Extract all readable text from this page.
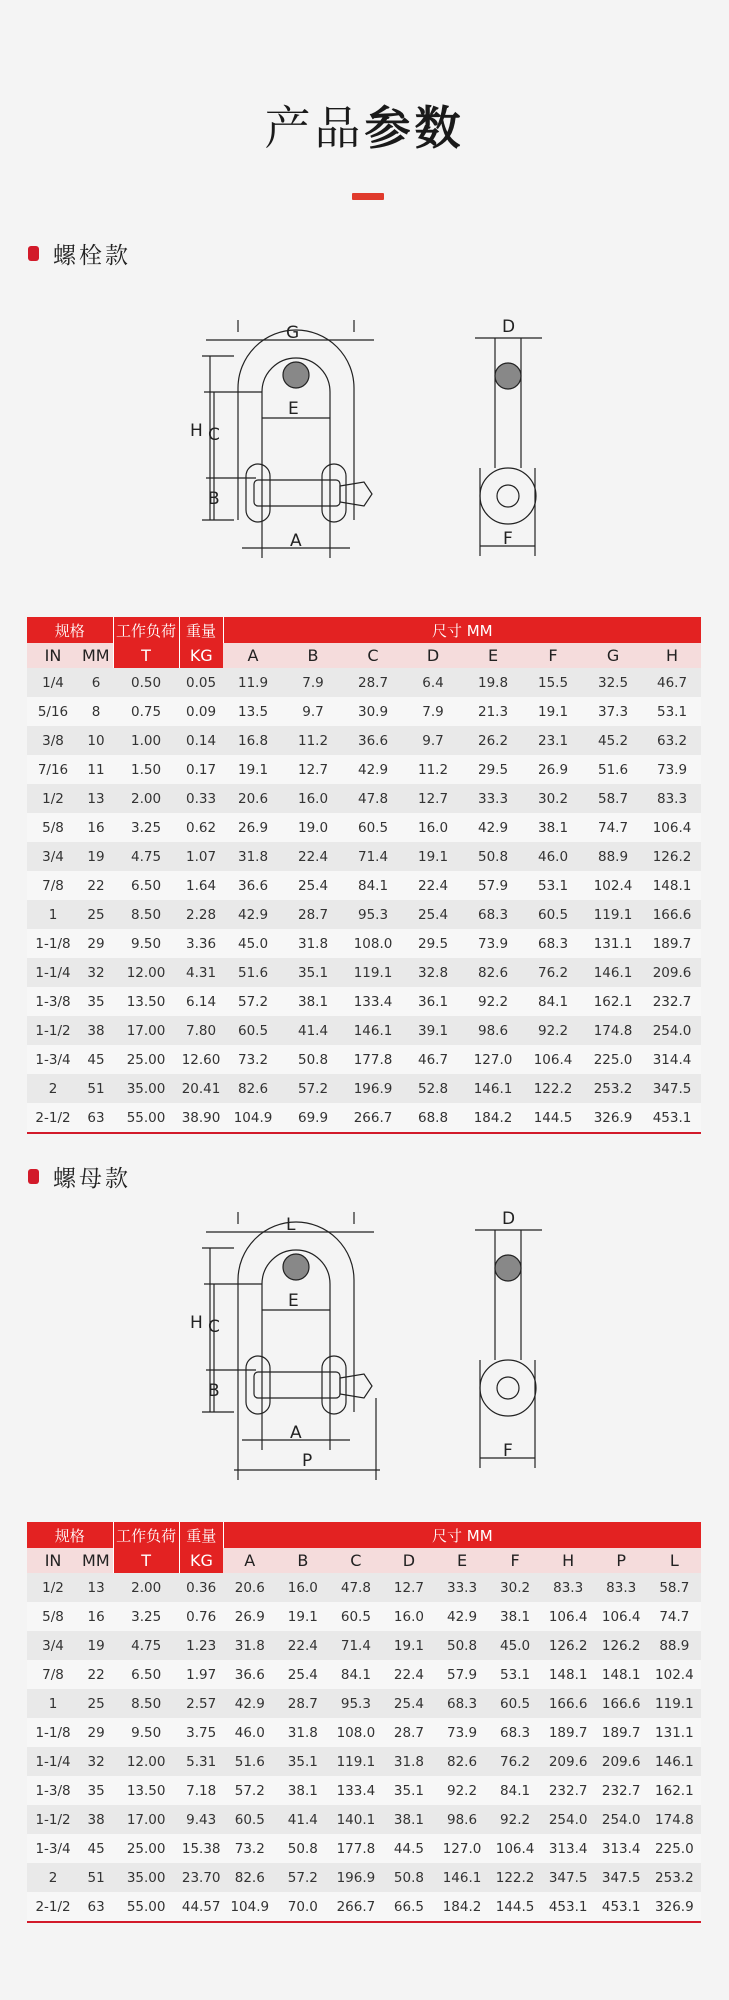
产品参数
螺栓款
G
H C
E
B
A
D
F
规格		工作负荷	重量	尺寸 MM							
IN	MM	T	KG	A	B	C	D	E	F	G	H
1/4	6	0.50	0.05	11.9	7.9	28.7	6.4	19.8	15.5	32.5	46.7
5/16	8	0.75	0.09	13.5	9.7	30.9	7.9	21.3	19.1	37.3	53.1
3/8	10	1.00	0.14	16.8	11.2	36.6	9.7	26.2	23.1	45.2	63.2
7/16	11	1.50	0.17	19.1	12.7	42.9	11.2	29.5	26.9	51.6	73.9
1/2	13	2.00	0.33	20.6	16.0	47.8	12.7	33.3	30.2	58.7	83.3
5/8	16	3.25	0.62	26.9	19.0	60.5	16.0	42.9	38.1	74.7	106.4
3/4	19	4.75	1.07	31.8	22.4	71.4	19.1	50.8	46.0	88.9	126.2
7/8	22	6.50	1.64	36.6	25.4	84.1	22.4	57.9	53.1	102.4	148.1
1	25	8.50	2.28	42.9	28.7	95.3	25.4	68.3	60.5	119.1	166.6
1-1/8	29	9.50	3.36	45.0	31.8	108.0	29.5	73.9	68.3	131.1	189.7
1-1/4	32	12.00	4.31	51.6	35.1	119.1	32.8	82.6	76.2	146.1	209.6
1-3/8	35	13.50	6.14	57.2	38.1	133.4	36.1	92.2	84.1	162.1	232.7
1-1/2	38	17.00	7.80	60.5	41.4	146.1	39.1	98.6	92.2	174.8	254.0
1-3/4	45	25.00	12.60	73.2	50.8	177.8	46.7	127.0	106.4	225.0	314.4
2	51	35.00	20.41	82.6	57.2	196.9	52.8	146.1	122.2	253.2	347.5
2-1/2	63	55.00	38.90	104.9	69.9	266.7	68.8	184.2	144.5	326.9	453.1
螺母款
L
H C
E
B
A
P
D
F
规格		工作负荷	重量	尺寸 MM								
IN	MM	T	KG	A	B	C	D	E	F	H	P	L
1/2	13	2.00	0.36	20.6	16.0	47.8	12.7	33.3	30.2	83.3	83.3	58.7
5/8	16	3.25	0.76	26.9	19.1	60.5	16.0	42.9	38.1	106.4	106.4	74.7
3/4	19	4.75	1.23	31.8	22.4	71.4	19.1	50.8	45.0	126.2	126.2	88.9
7/8	22	6.50	1.97	36.6	25.4	84.1	22.4	57.9	53.1	148.1	148.1	102.4
1	25	8.50	2.57	42.9	28.7	95.3	25.4	68.3	60.5	166.6	166.6	119.1
1-1/8	29	9.50	3.75	46.0	31.8	108.0	28.7	73.9	68.3	189.7	189.7	131.1
1-1/4	32	12.00	5.31	51.6	35.1	119.1	31.8	82.6	76.2	209.6	209.6	146.1
1-3/8	35	13.50	7.18	57.2	38.1	133.4	35.1	92.2	84.1	232.7	232.7	162.1
1-1/2	38	17.00	9.43	60.5	41.4	140.1	38.1	98.6	92.2	254.0	254.0	174.8
1-3/4	45	25.00	15.38	73.2	50.8	177.8	44.5	127.0	106.4	313.4	313.4	225.0
2	51	35.00	23.70	82.6	57.2	196.9	50.8	146.1	122.2	347.5	347.5	253.2
2-1/2	63	55.00	44.57	104.9	70.0	266.7	66.5	184.2	144.5	453.1	453.1	326.9
